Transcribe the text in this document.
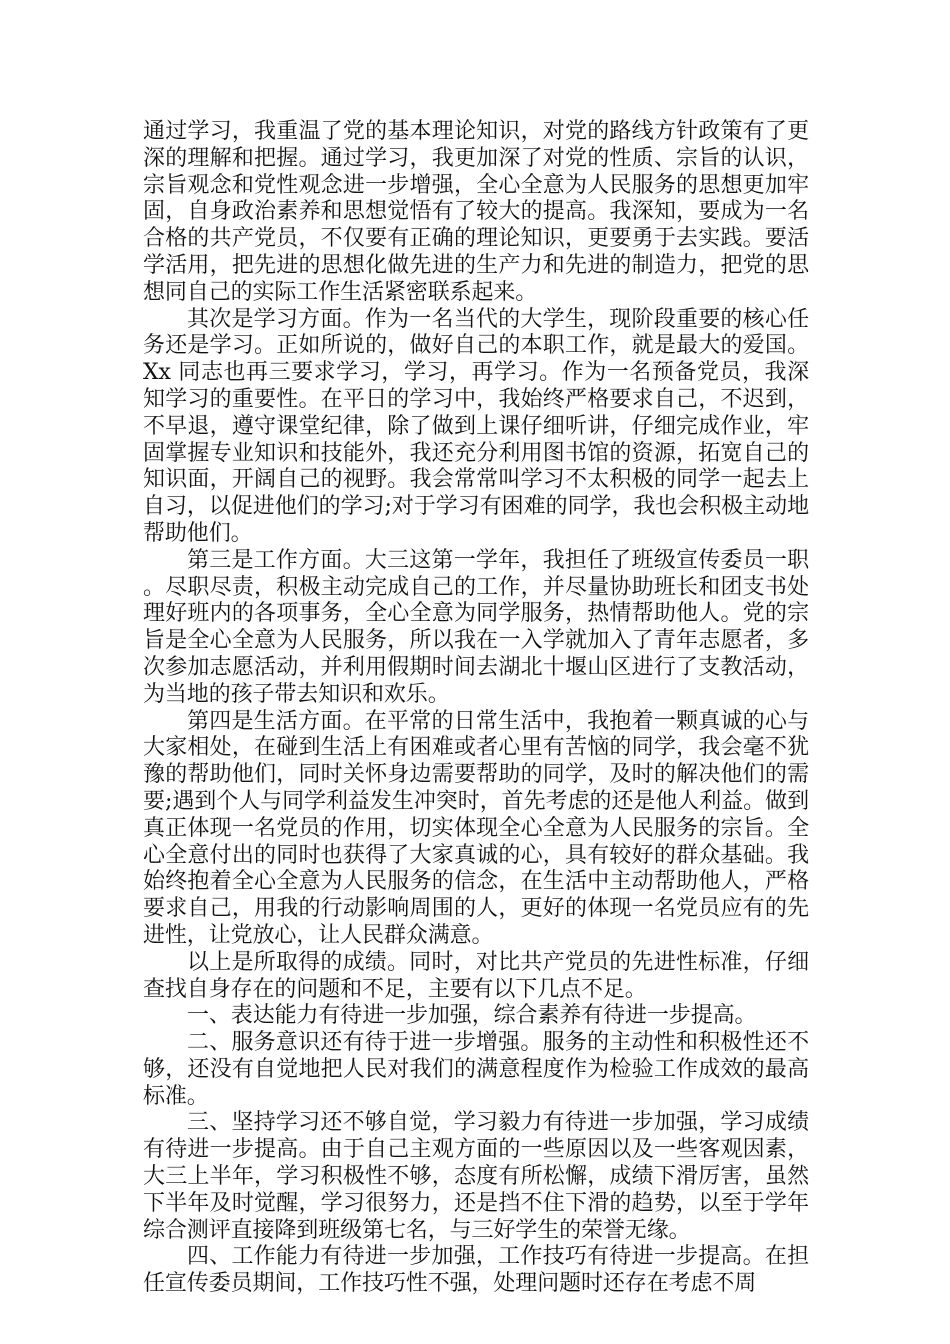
通过学习，我重温了党的基本理论知识，对党的路线方针政策有了更深的理解和把握。通过学习，我更加深了对党的性质、宗旨的认识，宗旨观念和党性观念进一步增强，全心全意为人民服务的思想更加牢固，自身政治素养和思想觉悟有了较大的提高。我深知，要成为一名合格的共产党员，不仅要有正确的理论知识，更要勇于去实践。要活学活用，把先进的思想化做先进的生产力和先进的制造力，把党的思想同自己的实际工作生活紧密联系起来。

其次是学习方面。作为一名当代的大学生，现阶段重要的核心任务还是学习。正如所说的，做好自己的本职工作，就是最大的爱国。Xx 同志也再三要求学习，学习，再学习。作为一名预备党员，我深知学习的重要性。在平日的学习中，我始终严格要求自己，不迟到，不早退，遵守课堂纪律，除了做到上课仔细听讲，仔细完成作业，牢固掌握专业知识和技能外，我还充分利用图书馆的资源，拓宽自己的知识面，开阔自己的视野。我会常常叫学习不太积极的同学一起去上自习，以促进他们的学习;对于学习有困难的同学，我也会积极主动地帮助他们。

第三是工作方面。大三这第一学年，我担任了班级宣传委员一职。尽职尽责，积极主动完成自己的工作，并尽量协助班长和团支书处理好班内的各项事务，全心全意为同学服务，热情帮助他人。党的宗旨是全心全意为人民服务，所以我在一入学就加入了青年志愿者，多次参加志愿活动，并利用假期时间去湖北十堰山区进行了支教活动，为当地的孩子带去知识和欢乐。

第四是生活方面。在平常的日常生活中，我抱着一颗真诚的心与大家相处，在碰到生活上有困难或者心里有苦恼的同学，我会毫不犹豫的帮助他们，同时关怀身边需要帮助的同学，及时的解决他们的需要;遇到个人与同学利益发生冲突时，首先考虑的还是他人利益。做到真正体现一名党员的作用，切实体现全心全意为人民服务的宗旨。全心全意付出的同时也获得了大家真诚的心，具有较好的群众基础。我始终抱着全心全意为人民服务的信念，在生活中主动帮助他人，严格要求自己，用我的行动影响周围的人，更好的体现一名党员应有的先进性，让党放心，让人民群众满意。

以上是所取得的成绩。同时，对比共产党员的先进性标准，仔细查找自身存在的问题和不足，主要有以下几点不足。

一、表达能力有待进一步加强，综合素养有待进一步提高。

二、服务意识还有待于进一步增强。服务的主动性和积极性还不够，还没有自觉地把人民对我们的满意程度作为检验工作成效的最高标准。

三、坚持学习还不够自觉，学习毅力有待进一步加强，学习成绩有待进一步提高。由于自己主观方面的一些原因以及一些客观因素，大三上半年，学习积极性不够，态度有所松懈，成绩下滑厉害，虽然下半年及时觉醒，学习很努力，还是挡不住下滑的趋势，以至于学年综合测评直接降到班级第七名，与三好学生的荣誉无缘。

四、工作能力有待进一步加强，工作技巧有待进一步提高。在担任宣传委员期间，工作技巧性不强，处理问题时还存在考虑不周
